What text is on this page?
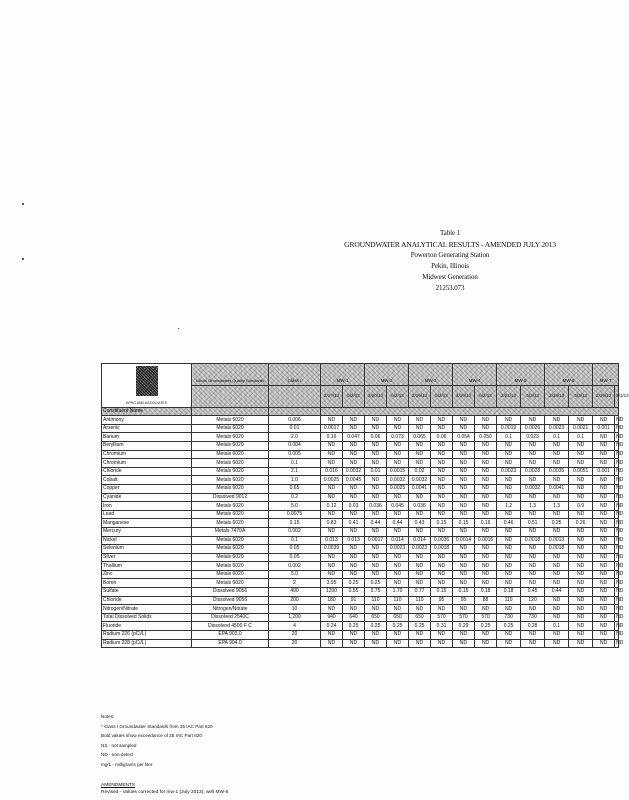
Table 1
GROUNDWATER ANALYTICAL RESULTS - AMENDED JULY 2013
Powerton Generating Station
Pekin, Illinois
Midwest Generation
21253.073
KPRG AND ASSOCIATES	Illinois Groundwater Quality Standards	Class I	MW-1		MW-2		MW-3		MW-4		MW-5		MW-6		MW-7	
			2/17/13	5/2/13	2/20/13	5/2/13	2/19/13	5/3/13	2/19/13	5/2/13	2/21/13	5/2/13	2/18/13	5/3/13	2/19/13	5/1/13
Constituent Name																
Antimony	Metals 6020	0.006	ND	ND	ND	ND	ND	ND	ND	ND	ND	ND	ND	ND	ND	ND
Arsenic	Metals 6020	0.01	0.0017	ND	ND	ND	ND	ND	ND	ND	0.0019	0.0026	0.0023	0.0021	0.001	ND
Barium	Metals 6020	2.0	0.16	0.047	0.06	0.073	0.065	0.06	0.054	0.050	0.1	0.023	0.1	0.1	ND	ND
Beryllium	Metals 6020	0.004	ND	ND	ND	ND	ND	ND	ND	ND	ND	ND	ND	ND	ND	ND
Chromium	Metals 6020	0.005	ND	ND	ND	ND	ND	ND	ND	ND	ND	ND	ND	ND	ND	ND
Chromium	Metals 6020	0.1	ND	ND	ND	ND	ND	ND	ND	ND	ND	ND	ND	ND	ND	ND
Chloride	Metals 6020	2.1	0.016	0.0032	0.01	0.0015	0.02	ND	ND	ND	0.0023	0.0028	0.0035	0.0051	0.001	ND
Cobalt	Metals 6020	1.0	0.0025	0.0045	ND	0.0032	0.0032	ND	ND	ND	ND	ND	ND	ND	ND	ND
Copper	Metals 6020	0.65	ND	ND	ND	0.0025	0.0041	ND	ND	ND	ND	0.0032	0.0041	ND	ND	ND
Cyanide	Dissolved 9012	0.2	ND	ND	ND	ND	ND	ND	ND	ND	ND	ND	ND	ND	ND	ND
Iron	Metals 6020	5.0	0.12	0.03	0.036	0.045	0.036	ND	ND	ND	1.2	1.3	1.3	0.9	ND	ND
Lead	Metals 6020	0.0075	ND	ND	ND	ND	ND	ND	ND	ND	ND	ND	ND	ND	ND	ND
Manganese	Metals 6020	0.15	0.83	0.41	0.44	0.44	0.43	0.15	0.15	0.16	0.46	0.51	0.25	0.26	ND	ND
Mercury	Metals 7470A	0.002	ND	ND	ND	ND	ND	ND	ND	ND	ND	ND	ND	ND	ND	ND
Nickel	Metals 6020	0.1	0.013	0.013	0.0017	0.014	0.014	0.0036	0.0014	0.0016	ND	0.0018	0.0013	ND	ND	ND
Selenium	Metals 6020	0.05	0.0039	ND	ND	0.0023	0.0023	0.0018	ND	ND	ND	ND	0.0018	ND	ND	ND
Silver	Metals 6020	0.05	ND	ND	ND	ND	ND	ND	ND	ND	ND	ND	ND	ND	ND	ND
Thallium	Metals 6020	0.002	ND	ND	ND	ND	ND	ND	ND	ND	ND	ND	ND	ND	ND	ND
Zinc	Metals 6020	5.0	ND	ND	ND	ND	ND	ND	ND	ND	ND	ND	ND	ND	ND	ND
Boron	Metals 6020	2	3.95	0.25	0.25	ND	ND	ND	ND	ND	ND	ND	ND	ND	ND	ND
Sulfate	Dissolved 9056	400	1200	0.55	0.75	1.70	0.77	0.15	0.15	0.18	0.18	0.45	0.44	ND	ND	ND
Chloride	Dissolved 9056	200	180	91	110	110	110	95	95	88	110	120	ND	ND	ND	ND
Nitrogen/Nitrate	Nitrogen/Nitrate	10	ND	ND	ND	ND	ND	ND	ND	ND	ND	ND	ND	ND	ND	ND
Total Dissolved Solids	Dissolved 2540C	1,200	940	640	650	650	650	570	570	570	730	730	ND	ND	ND	ND
Fluoride	Dissolved 4500 F C	4	0.24	0.25	0.25	0.25	0.25	0.31	0.29	0.25	0.25	0.28	0.1	ND	ND	ND
Radium 226 (pCi/L)	EPA 903.0	20	ND	ND	ND	ND	ND	ND	ND	ND	ND	ND	ND	ND	ND	ND
Radium 228 (pCi/L)	EPA 904.0	20	ND	ND	ND	ND	ND	ND	ND	ND	ND	ND	ND	ND	ND	ND
Notes:
* Class I Groundwater Standards from 35 IAC Part 620
Bold values show exceedance of 35 IAC Part 620
NS - not sampled
ND - non-detect
mg/L - milligrams per liter
AMENDMENTS
Revised - Values corrected for mw-1 (July 2013), well MW-6
